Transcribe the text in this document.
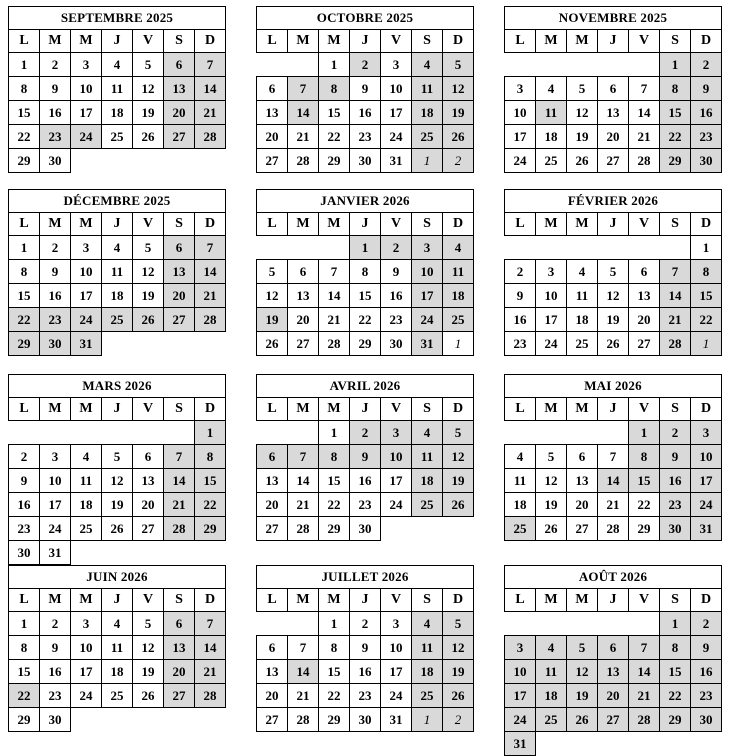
SEPTEMBRE 2025						
L	M	M	J	V	S	D
1	2	3	4	5	6	7
8	9	10	11	12	13	14
15	16	17	18	19	20	21
22	23	24	25	26	27	28
29	30					
OCTOBRE 2025						
L	M	M	J	V	S	D
		1	2	3	4	5
6	7	8	9	10	11	12
13	14	15	16	17	18	19
20	21	22	23	24	25	26
27	28	29	30	31	1	2
NOVEMBRE 2025						
L	M	M	J	V	S	D
					1	2
3	4	5	6	7	8	9
10	11	12	13	14	15	16
17	18	19	20	21	22	23
24	25	26	27	28	29	30
DÉCEMBRE 2025						
L	M	M	J	V	S	D
1	2	3	4	5	6	7
8	9	10	11	12	13	14
15	16	17	18	19	20	21
22	23	24	25	26	27	28
29	30	31				
JANVIER 2026						
L	M	M	J	V	S	D
			1	2	3	4
5	6	7	8	9	10	11
12	13	14	15	16	17	18
19	20	21	22	23	24	25
26	27	28	29	30	31	1
FÉVRIER 2026						
L	M	M	J	V	S	D
						1
2	3	4	5	6	7	8
9	10	11	12	13	14	15
16	17	18	19	20	21	22
23	24	25	26	27	28	1
MARS 2026						
L	M	M	J	V	S	D
						1
2	3	4	5	6	7	8
9	10	11	12	13	14	15
16	17	18	19	20	21	22
23	24	25	26	27	28	29
30	31					
AVRIL 2026						
L	M	M	J	V	S	D
		1	2	3	4	5
6	7	8	9	10	11	12
13	14	15	16	17	18	19
20	21	22	23	24	25	26
27	28	29	30			
MAI 2026						
L	M	M	J	V	S	D
				1	2	3
4	5	6	7	8	9	10
11	12	13	14	15	16	17
18	19	20	21	22	23	24
25	26	27	28	29	30	31
JUIN 2026						
L	M	M	J	V	S	D
1	2	3	4	5	6	7
8	9	10	11	12	13	14
15	16	17	18	19	20	21
22	23	24	25	26	27	28
29	30					
JUILLET 2026						
L	M	M	J	V	S	D
		1	2	3	4	5
6	7	8	9	10	11	12
13	14	15	16	17	18	19
20	21	22	23	24	25	26
27	28	29	30	31	1	2
AOÛT 2026						
L	M	M	J	V	S	D
					1	2
3	4	5	6	7	8	9
10	11	12	13	14	15	16
17	18	19	20	21	22	23
24	25	26	27	28	29	30
31						
